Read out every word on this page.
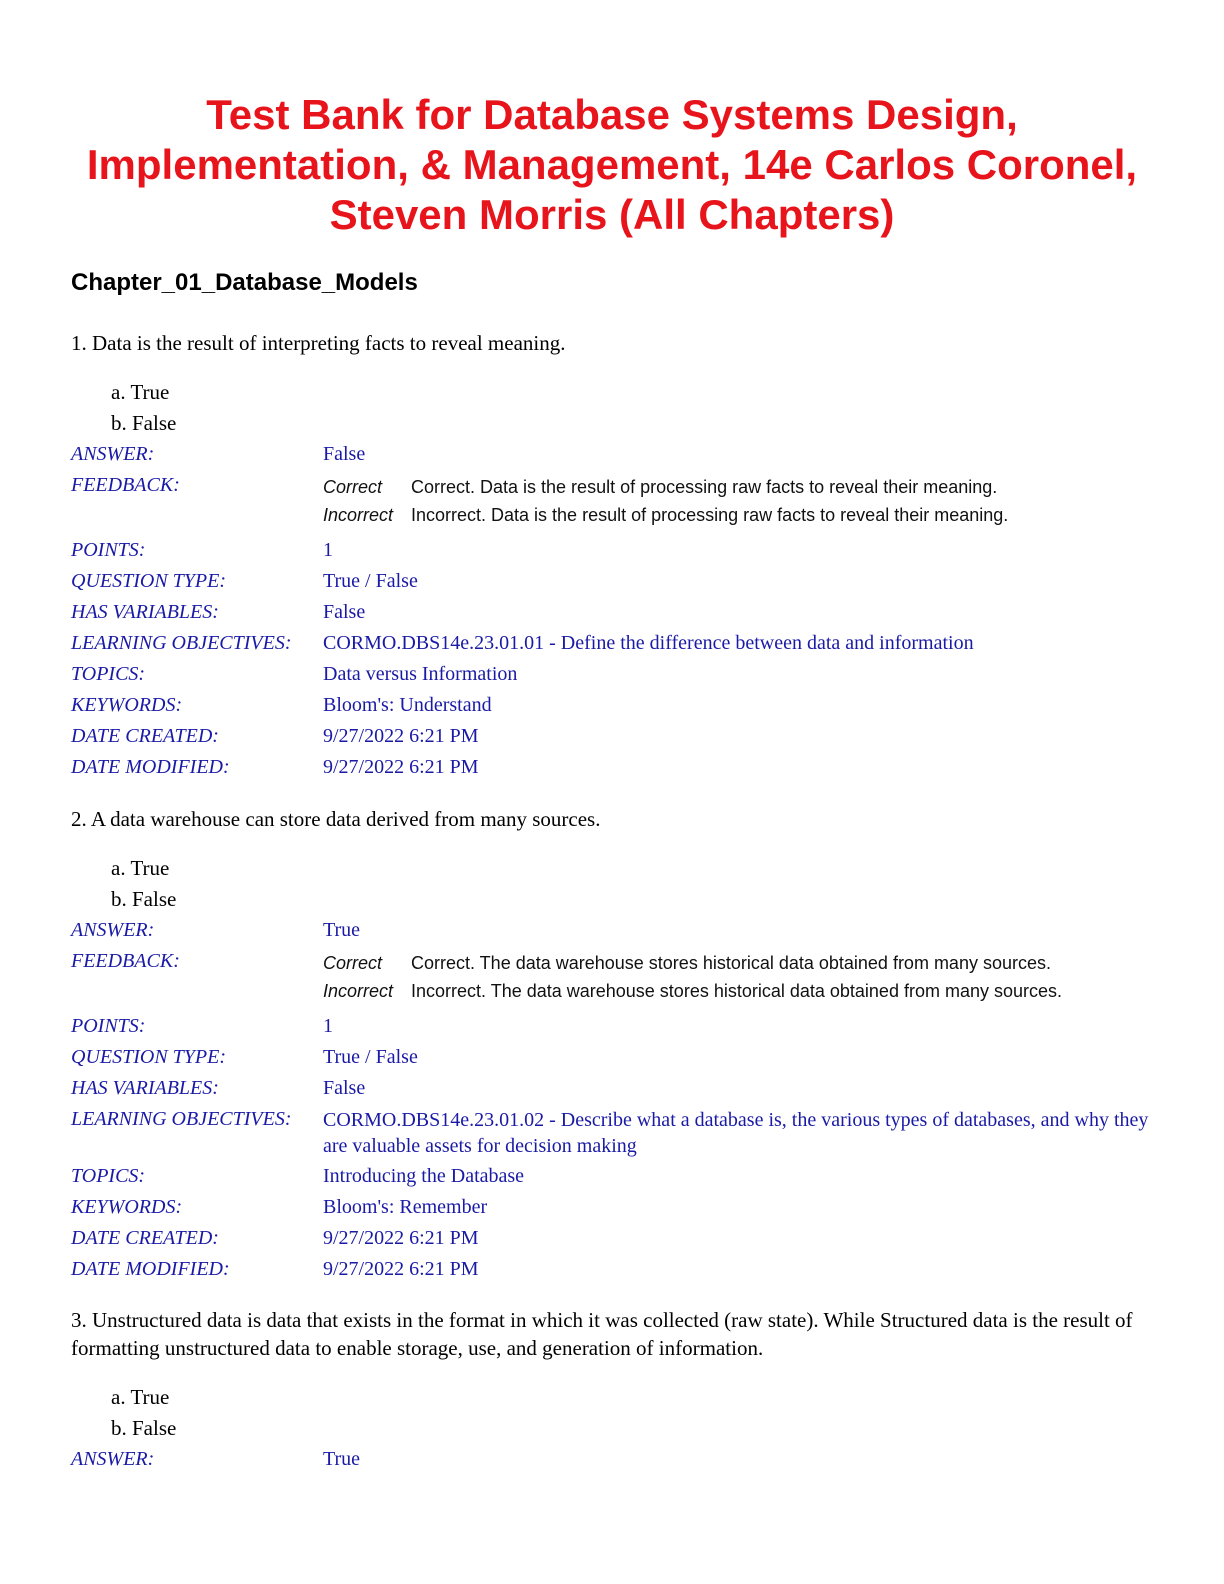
Test Bank for Database Systems Design, Implementation, & Management, 14e Carlos Coronel, Steven Morris (All Chapters)
Chapter_01_Database_Models

1. Data is the result of interpreting facts to reveal meaning.

a. True
b. False
ANSWER:	False
FEEDBACK:	Correct	Correct. Data is the result of processing raw facts to reveal their meaning.
Incorrect Incorrect. Data is the result of processing raw facts to reveal their meaning.
POINTS:	1
QUESTION TYPE:	True / False
HAS VARIABLES:	False
LEARNING OBJECTIVES:	CORMO.DBS14e.23.01.01 - Define the difference between data and information
TOPICS:	Data versus Information
KEYWORDS:	Bloom's: Understand
DATE CREATED:	9/27/2022 6:21 PM
DATE MODIFIED:	9/27/2022 6:21 PM

2. A data warehouse can store data derived from many sources.

a. True
b. False
ANSWER:	True
FEEDBACK:	Correct	Correct. The data warehouse stores historical data obtained from many sources.
Incorrect Incorrect. The data warehouse stores historical data obtained from many sources.
POINTS:	1
QUESTION TYPE:	True / False
HAS VARIABLES:	False
LEARNING OBJECTIVES:	CORMO.DBS14e.23.01.02 - Describe what a database is, the various types of databases, and why they are valuable assets for decision making
TOPICS:	Introducing the Database
KEYWORDS:	Bloom's: Remember
DATE CREATED:	9/27/2022 6:21 PM
DATE MODIFIED:	9/27/2022 6:21 PM

3. Unstructured data is data that exists in the format in which it was collected (raw state). While Structured data is the result of formatting unstructured data to enable storage, use, and generation of information.

a. True
b. False
ANSWER:	True
